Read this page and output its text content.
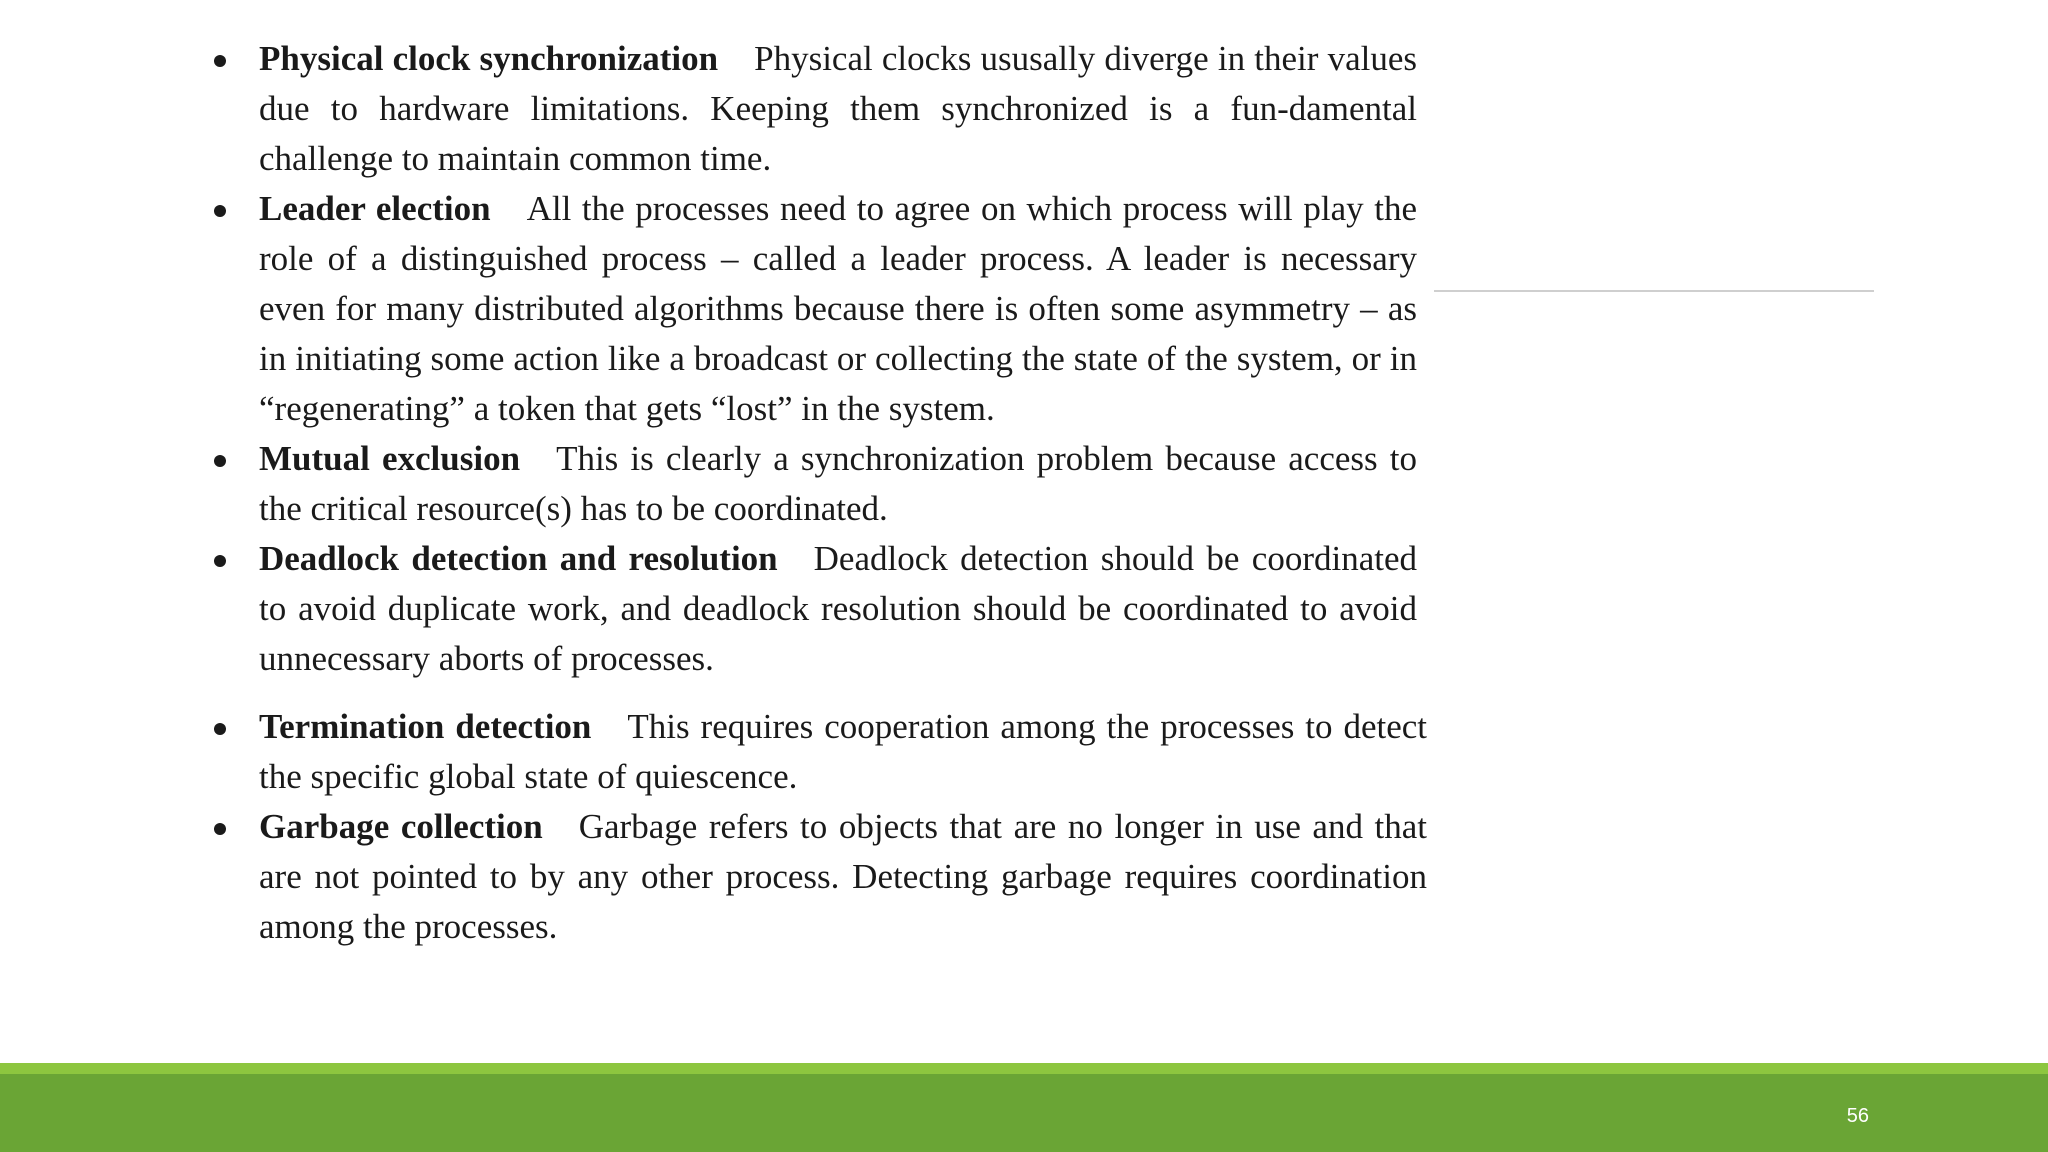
Physical clock synchronization Physical clocks ususally diverge in their values due to hardware limitations. Keeping them synchronized is a fun-damental challenge to maintain common time.
Leader election All the processes need to agree on which process will play the role of a distinguished process – called a leader process. A leader is necessary even for many distributed algorithms because there is often some asymmetry – as in initiating some action like a broadcast or collecting the state of the system, or in “regenerating” a token that gets “lost” in the system.
Mutual exclusion This is clearly a synchronization problem because access to the critical resource(s) has to be coordinated.
Deadlock detection and resolution Deadlock detection should be coordinated to avoid duplicate work, and deadlock resolution should be coordinated to avoid unnecessary aborts of processes.
Termination detection This requires cooperation among the processes to detect the specific global state of quiescence.
Garbage collection Garbage refers to objects that are no longer in use and that are not pointed to by any other process. Detecting garbage requires coordination among the processes.
56
